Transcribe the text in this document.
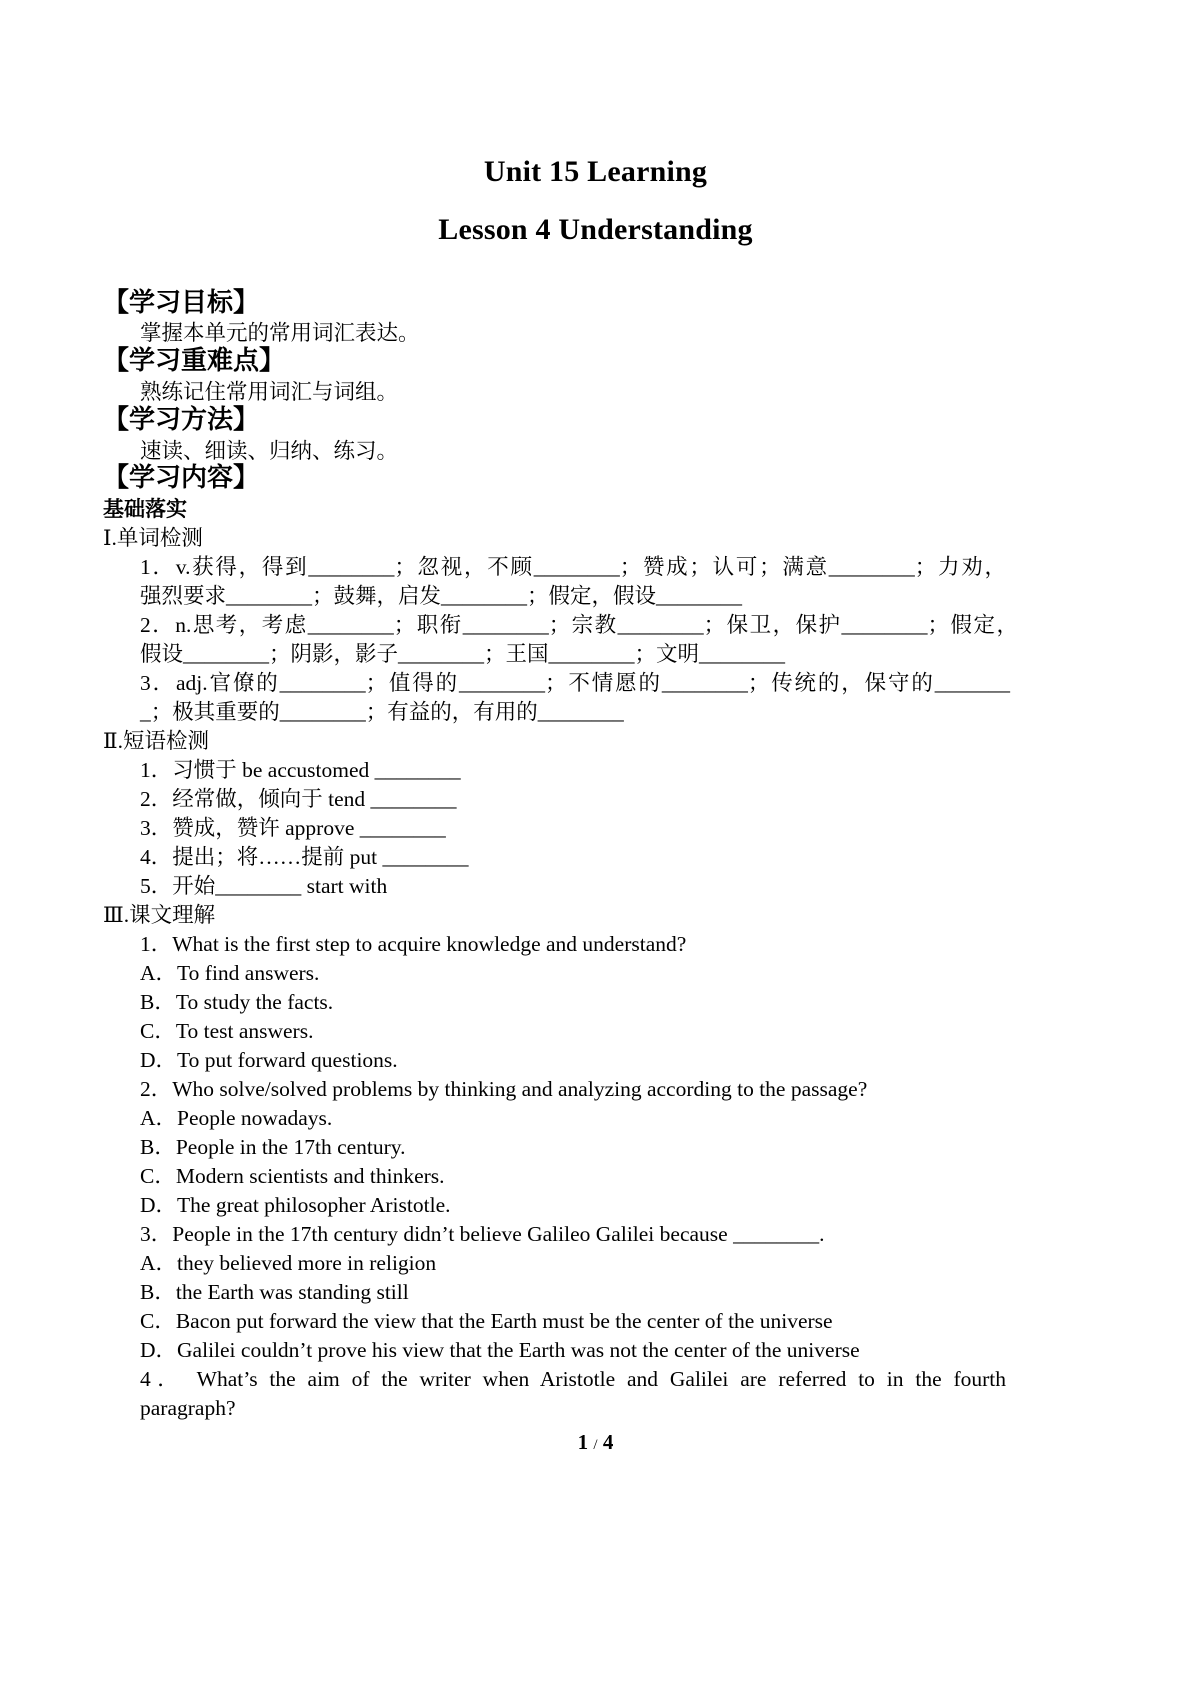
Unit 15 Learning
Lesson 4 Understanding
【学习目标】
掌握本单元的常用词汇表达。
【学习重难点】
熟练记住常用词汇与词组。
【学习方法】
速读、细读、归纳、练习。
【学习内容】
基础落实
Ⅰ.单词检测
1．v.获得，得到________；忽视，不顾________；赞成；认可；满意________；力劝，
强烈要求________；鼓舞，启发________；假定，假设________
2．n.思考，考虑________；职衔________；宗教________；保卫，保护________；假定，
假设________；阴影，影子________；王国________；文明________
3．adj.官僚的________；值得的________；不情愿的________；传统的，保守的_______
_；极其重要的________；有益的，有用的________
Ⅱ.短语检测
1．习惯于 be accustomed ________
2．经常做，倾向于 tend ________
3．赞成，赞许 approve ________
4．提出；将……提前 put ________
5．开始________ start with
Ⅲ.课文理解
1．What is the first step to acquire knowledge and understand?
A．To find answers.
B．To study the facts.
C．To test answers.
D．To put forward questions.
2．Who solve/solved problems by thinking and analyzing according to the passage?
A．People nowadays.
B．People in the 17th century.
C．Modern scientists and thinkers.
D．The great philosopher Aristotle.
3．People in the 17th century didn’t believe Galileo Galilei because ________.
A．they believed more in religion
B．the Earth was standing still
C．Bacon put forward the view that the Earth must be the center of the universe
D．Galilei couldn’t prove his view that the Earth was not the center of the universe
4． What’s the aim of the writer when Aristotle and Galilei are referred to in the fourth
paragraph?
1 / 4
